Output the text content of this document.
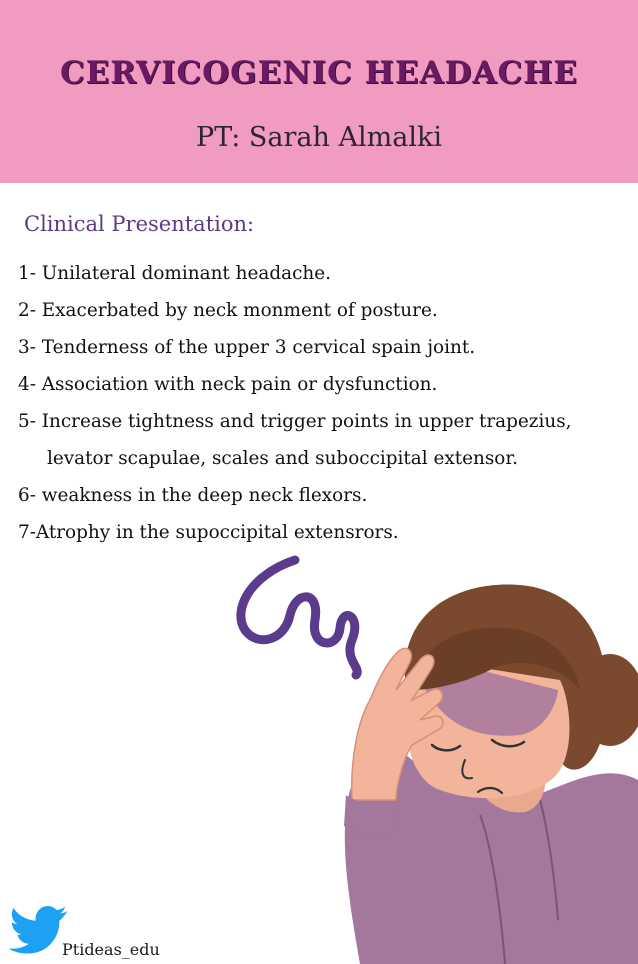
CERVICOGENIC HEADACHE
PT: Sarah Almalki
Clinical Presentation:
1- Unilateral dominant headache.
2- Exacerbated by neck monment of posture.
3- Tenderness of the upper 3 cervical spain joint.
4- Association with neck pain or dysfunction.
5- Increase tightness and trigger points in upper trapezius,
levator scapulae, scales and suboccipital extensor.
6- weakness in the deep neck flexors.
7-Atrophy in the supoccipital extensrors.
Ptideas_edu
